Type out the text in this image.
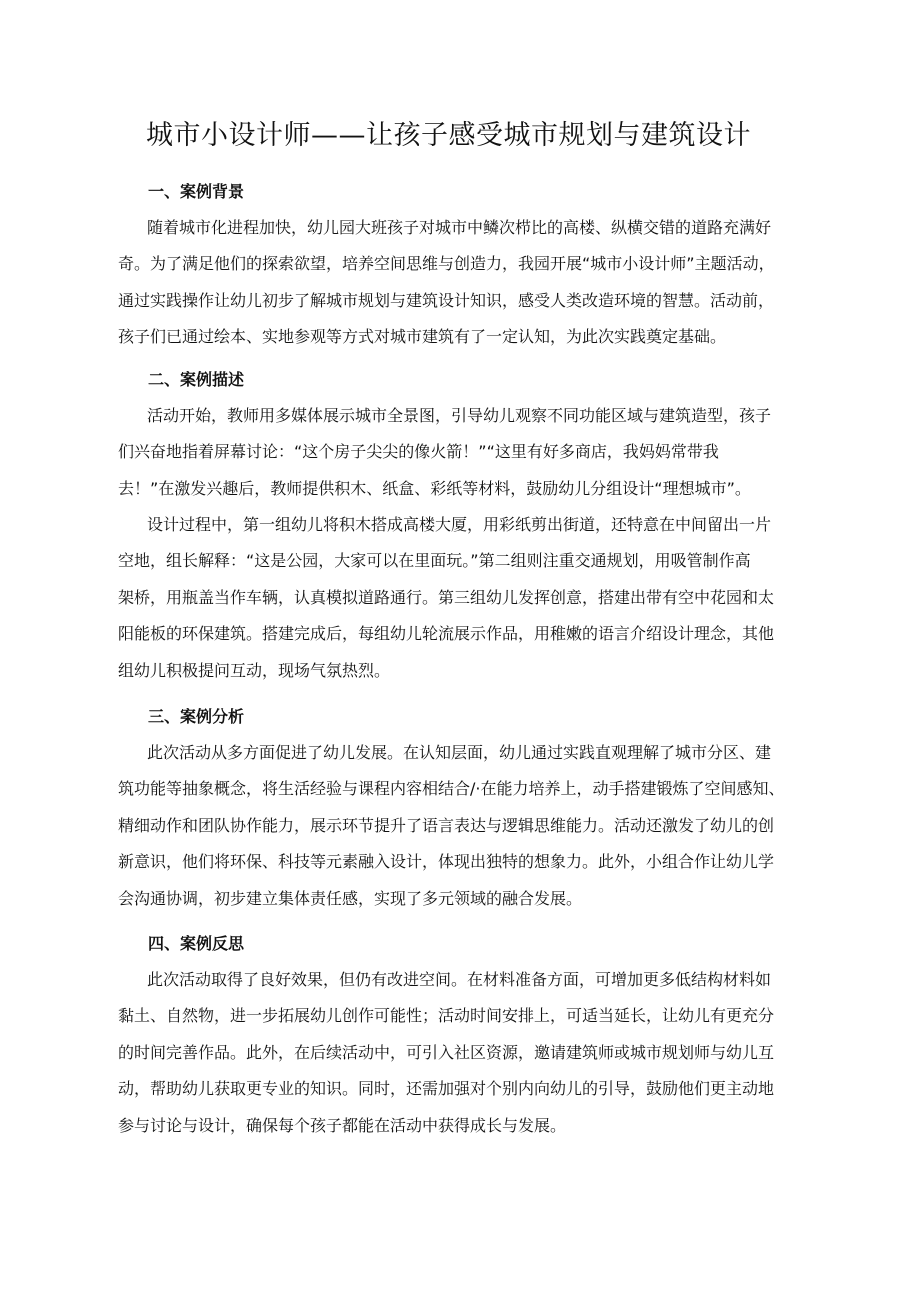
城市小设计师——让孩子感受城市规划与建筑设计
一、案例背景
随着城市化进程加快，幼儿园大班孩子对城市中鳞次栉比的高楼、纵横交错的道路充满好
奇。为了满足他们的探索欲望，培养空间思维与创造力，我园开展“城市小设计师”主题活动，
通过实践操作让幼儿初步了解城市规划与建筑设计知识，感受人类改造环境的智慧。活动前，
孩子们已通过绘本、实地参观等方式对城市建筑有了一定认知，为此次实践奠定基础。
二、案例描述
活动开始，教师用多媒体展示城市全景图，引导幼儿观察不同功能区域与建筑造型，孩子
们兴奋地指着屏幕讨论：“这个房子尖尖的像火箭！”“这里有好多商店，我妈妈常带我
去！”在激发兴趣后，教师提供积木、纸盒、彩纸等材料，鼓励幼儿分组设计“理想城市”。
设计过程中，第一组幼儿将积木搭成高楼大厦，用彩纸剪出街道，还特意在中间留出一片
空地，组长解释：“这是公园，大家可以在里面玩。”第二组则注重交通规划，用吸管制作高
架桥，用瓶盖当作车辆，认真模拟道路通行。第三组幼儿发挥创意，搭建出带有空中花园和太
阳能板的环保建筑。搭建完成后，每组幼儿轮流展示作品，用稚嫩的语言介绍设计理念，其他
组幼儿积极提问互动，现场气氛热烈。
三、案例分析
此次活动从多方面促进了幼儿发展。在认知层面，幼儿通过实践直观理解了城市分区、建
筑功能等抽象概念，将生活经验与课程内容相结合/·在能力培养上，动手搭建锻炼了空间感知、
精细动作和团队协作能力，展示环节提升了语言表达与逻辑思维能力。活动还激发了幼儿的创
新意识，他们将环保、科技等元素融入设计，体现出独特的想象力。此外，小组合作让幼儿学
会沟通协调，初步建立集体责任感，实现了多元领域的融合发展。
四、案例反思
此次活动取得了良好效果，但仍有改进空间。在材料准备方面，可增加更多低结构材料如
黏土、自然物，进一步拓展幼儿创作可能性；活动时间安排上，可适当延长，让幼儿有更充分
的时间完善作品。此外，在后续活动中，可引入社区资源，邀请建筑师或城市规划师与幼儿互
动，帮助幼儿获取更专业的知识。同时，还需加强对个别内向幼儿的引导，鼓励他们更主动地
参与讨论与设计，确保每个孩子都能在活动中获得成长与发展。
